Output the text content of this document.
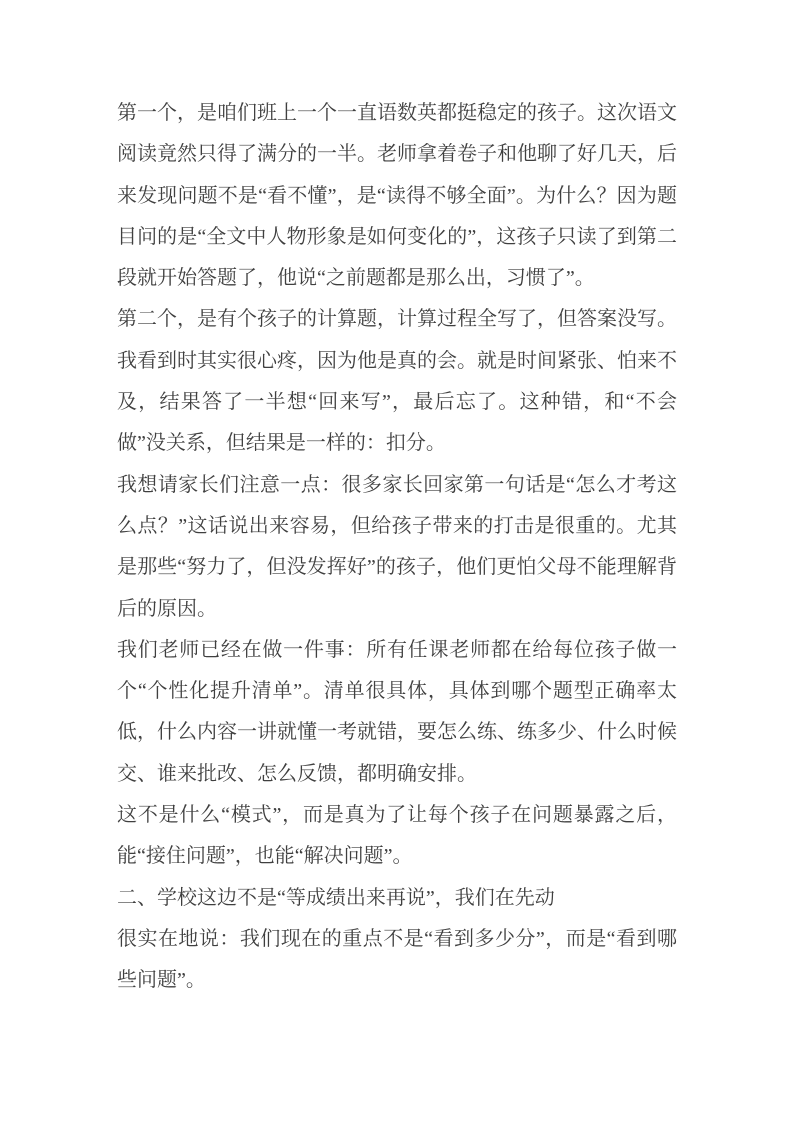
第一个，是咱们班上一个一直语数英都挺稳定的孩子。这次语文阅读竟然只得了满分的一半。老师拿着卷子和他聊了好几天，后来发现问题不是“看不懂”，是“读得不够全面”。为什么？因为题目问的是“全文中人物形象是如何变化的”，这孩子只读了到第二段就开始答题了，他说“之前题都是那么出，习惯了”。

第二个，是有个孩子的计算题，计算过程全写了，但答案没写。我看到时其实很心疼，因为他是真的会。就是时间紧张、怕来不及，结果答了一半想“回来写”，最后忘了。这种错，和“不会做”没关系，但结果是一样的：扣分。

我想请家长们注意一点：很多家长回家第一句话是“怎么才考这么点？”这话说出来容易，但给孩子带来的打击是很重的。尤其是那些“努力了，但没发挥好”的孩子，他们更怕父母不能理解背后的原因。

我们老师已经在做一件事：所有任课老师都在给每位孩子做一个“个性化提升清单”。清单很具体，具体到哪个题型正确率太低，什么内容一讲就懂一考就错，要怎么练、练多少、什么时候交、谁来批改、怎么反馈，都明确安排。

这不是什么“模式”，而是真为了让每个孩子在问题暴露之后，能“接住问题”，也能“解决问题”。

二、学校这边不是“等成绩出来再说”，我们在先动

很实在地说：我们现在的重点不是“看到多少分”，而是“看到哪些问题”。
